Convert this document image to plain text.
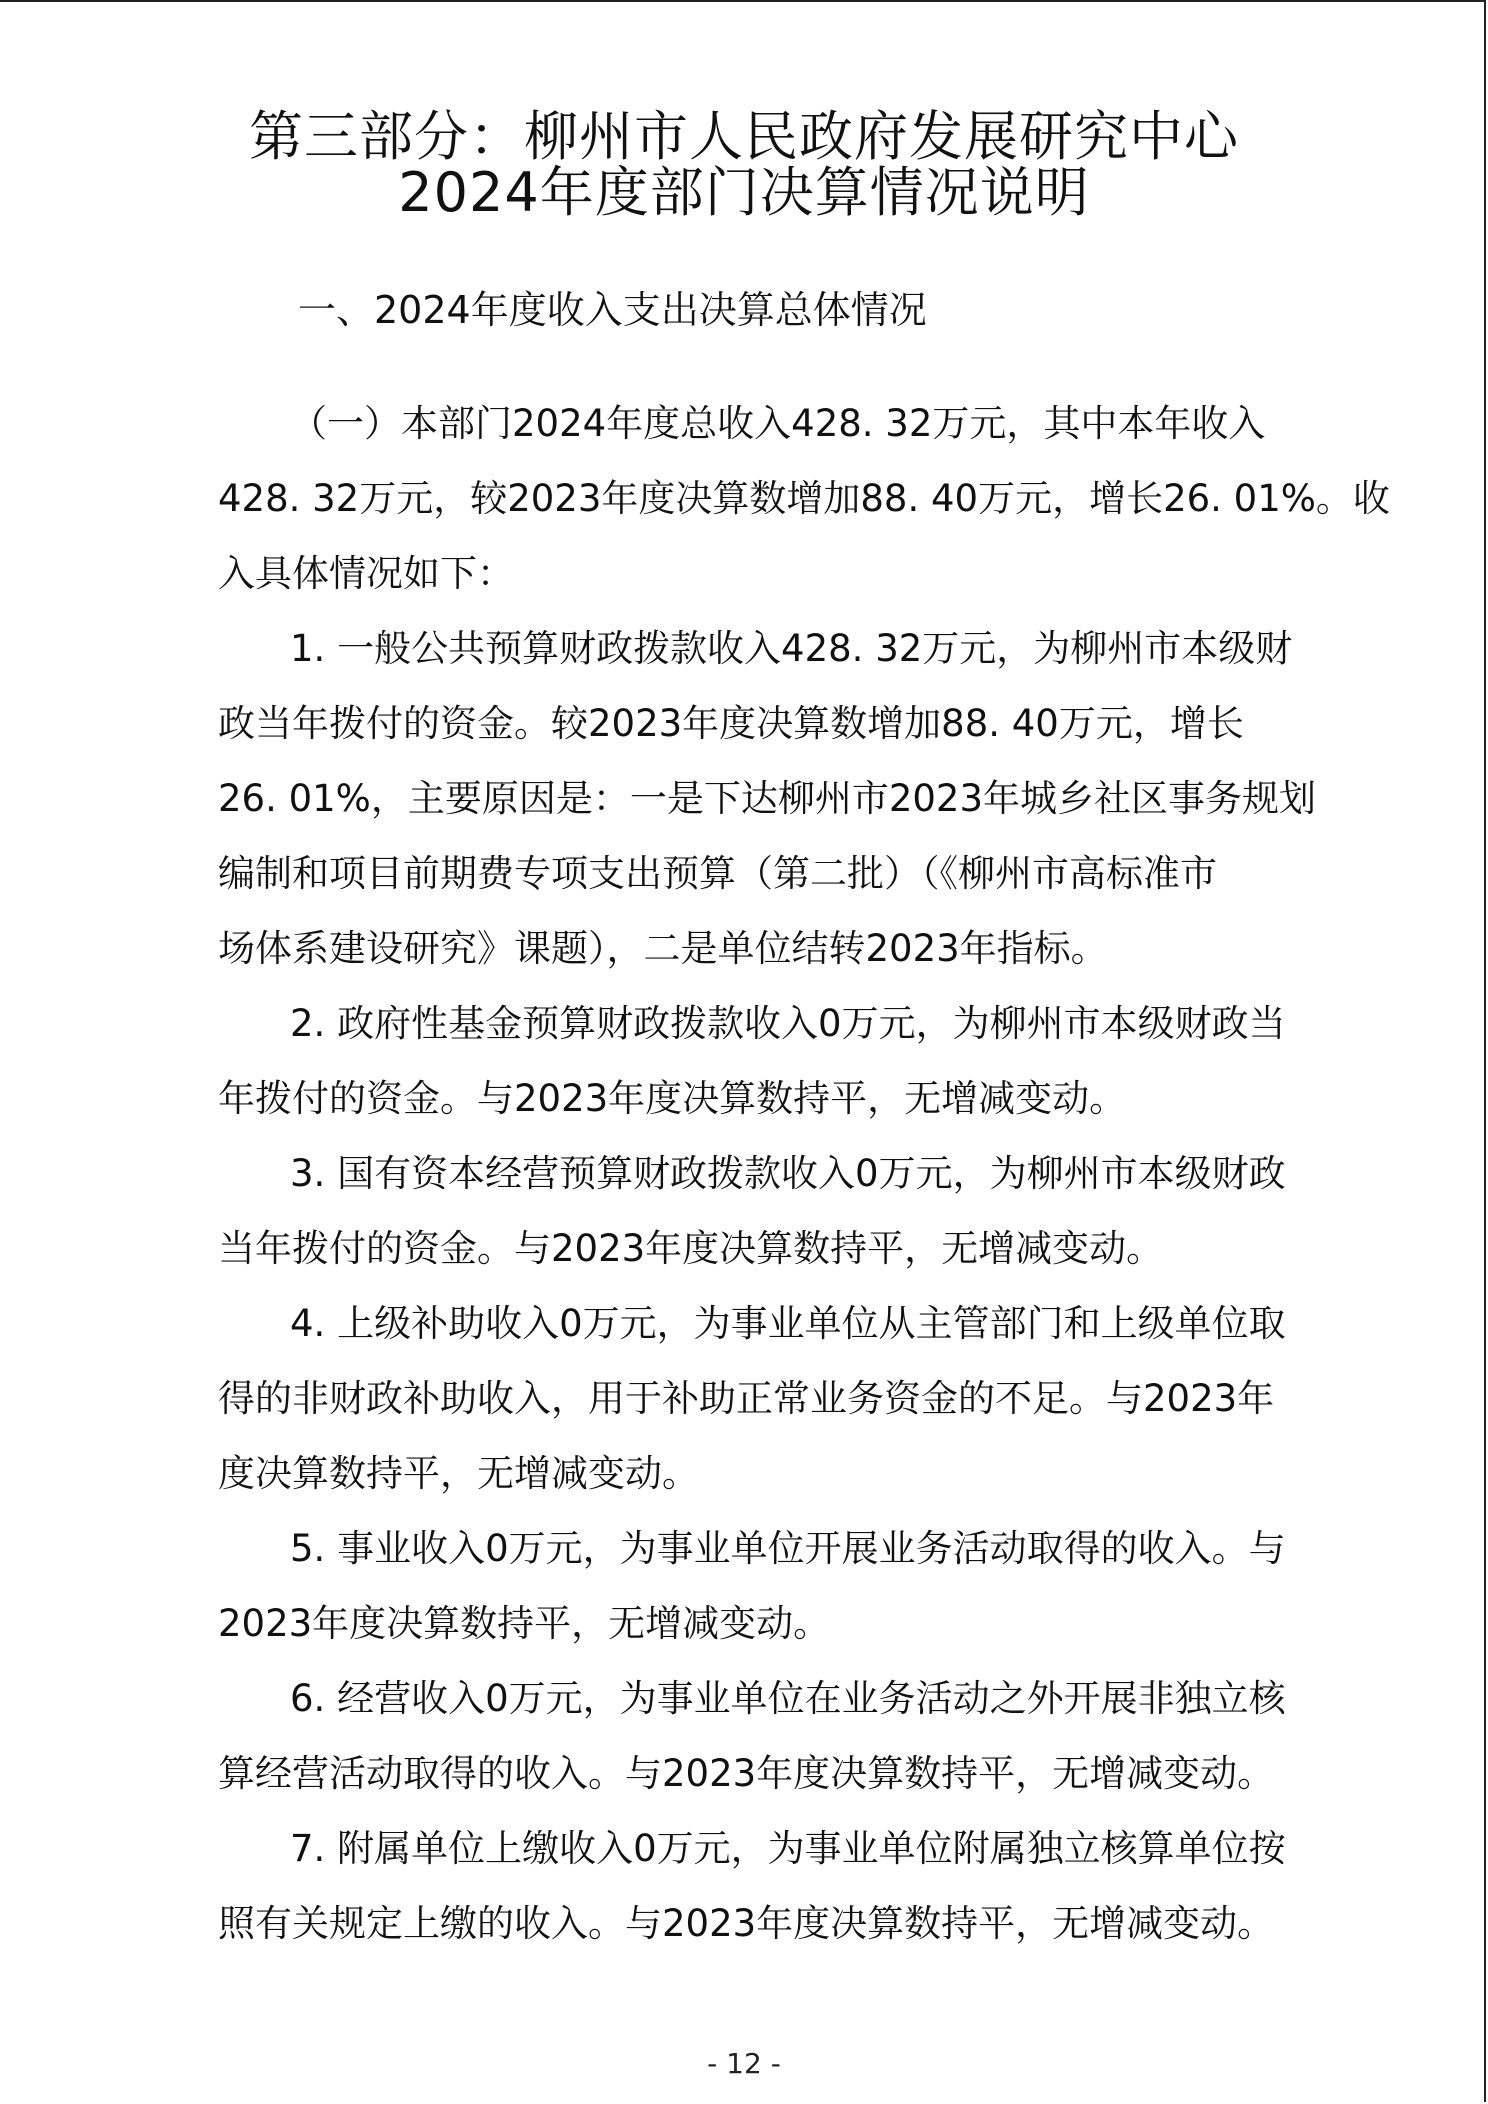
第三部分：柳州市人民政府发展研究中心
2024年度部门决算情况说明
一、2024年度收入支出决算总体情况
（一）本部门2024年度总收入428. 32万元，其中本年收入
428. 32万元，较2023年度决算数增加88. 40万元，增长26. 01%。收
入具体情况如下：
1. 一般公共预算财政拨款收入428. 32万元，为柳州市本级财
政当年拨付的资金。较2023年度决算数增加88. 40万元，增长
26. 01%，主要原因是：一是下达柳州市2023年城乡社区事务规划
编制和项目前期费专项支出预算（第二批）（《柳州市高标准市
场体系建设研究》课题），二是单位结转2023年指标。
2. 政府性基金预算财政拨款收入0万元，为柳州市本级财政当
年拨付的资金。与2023年度决算数持平，无增减变动。
3. 国有资本经营预算财政拨款收入0万元，为柳州市本级财政
当年拨付的资金。与2023年度决算数持平，无增减变动。
4. 上级补助收入0万元，为事业单位从主管部门和上级单位取
得的非财政补助收入，用于补助正常业务资金的不足。与2023年
度决算数持平，无增减变动。
5. 事业收入0万元，为事业单位开展业务活动取得的收入。与
2023年度决算数持平，无增减变动。
6. 经营收入0万元，为事业单位在业务活动之外开展非独立核
算经营活动取得的收入。与2023年度决算数持平，无增减变动。
7. 附属单位上缴收入0万元，为事业单位附属独立核算单位按
照有关规定上缴的收入。与2023年度决算数持平，无增减变动。
- 12 -
